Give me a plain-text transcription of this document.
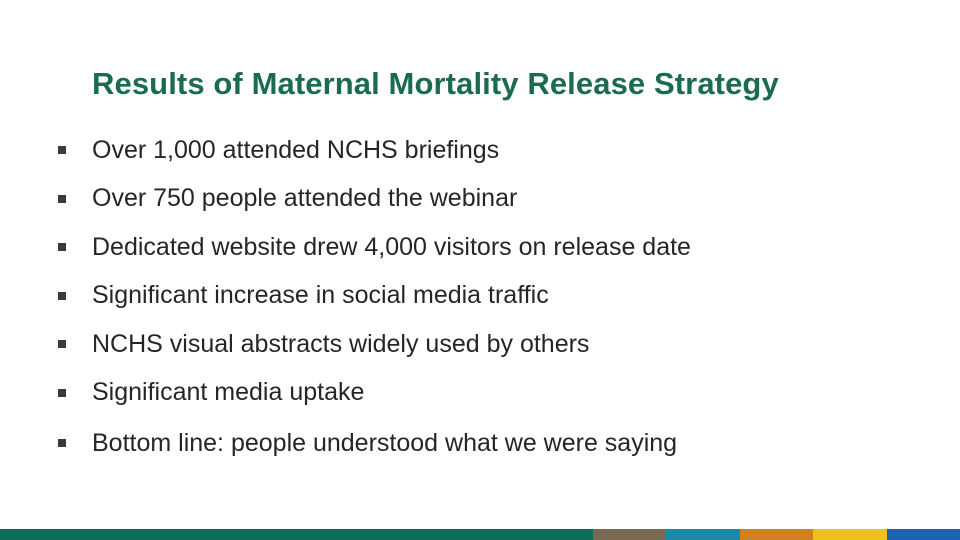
Results of Maternal Mortality Release Strategy
Over 1,000 attended NCHS briefings
Over 750 people attended the webinar
Dedicated website drew 4,000 visitors on release date
Significant increase in social media traffic
NCHS visual abstracts widely used by others
Significant media uptake
Bottom line: people understood what we were saying
